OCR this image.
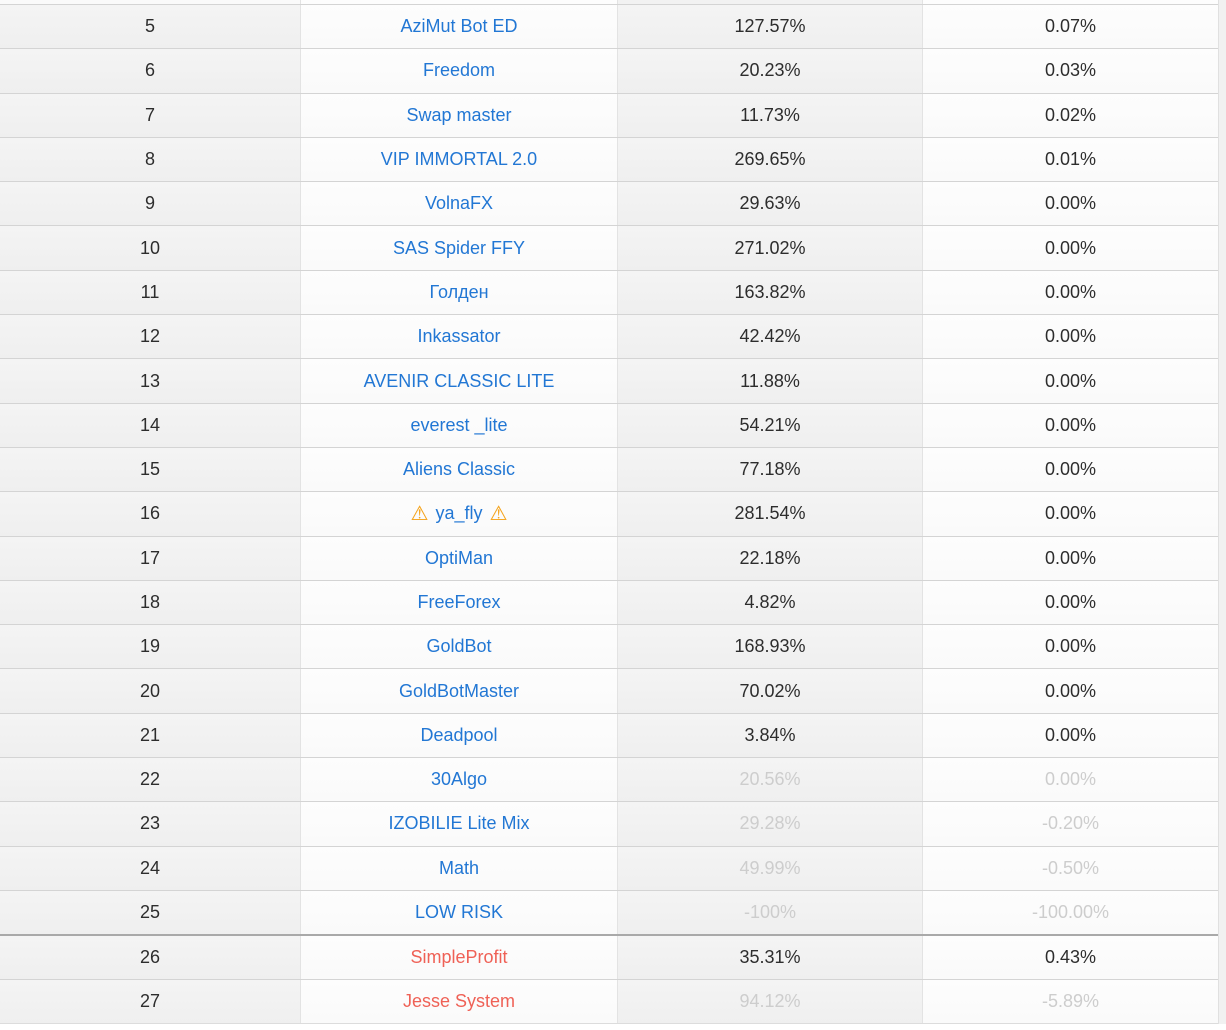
5	AziMut Bot ED	127.57%	0.07%
6	Freedom	20.23%	0.03%
7	Swap master	11.73%	0.02%
8	VIP IMMORTAL 2.0	269.65%	0.01%
9	VolnaFX	29.63%	0.00%
10	SAS Spider FFY	271.02%	0.00%
11	Голден	163.82%	0.00%
12	Inkassator	42.42%	0.00%
13	AVENIR CLASSIC LITE	11.88%	0.00%
14	everest _lite	54.21%	0.00%
15	Aliens Classic	77.18%	0.00%
16	⚠ ya_fly ⚠	281.54%	0.00%
17	OptiMan	22.18%	0.00%
18	FreeForex	4.82%	0.00%
19	GoldBot	168.93%	0.00%
20	GoldBotMaster	70.02%	0.00%
21	Deadpool	3.84%	0.00%
22	30Algo	20.56%	0.00%
23	IZOBILIE Lite Mix	29.28%	-0.20%
24	Math	49.99%	-0.50%
25	LOW RISK	-100%	-100.00%
26	SimpleProfit	35.31%	0.43%
27	Jesse System	94.12%	-5.89%
